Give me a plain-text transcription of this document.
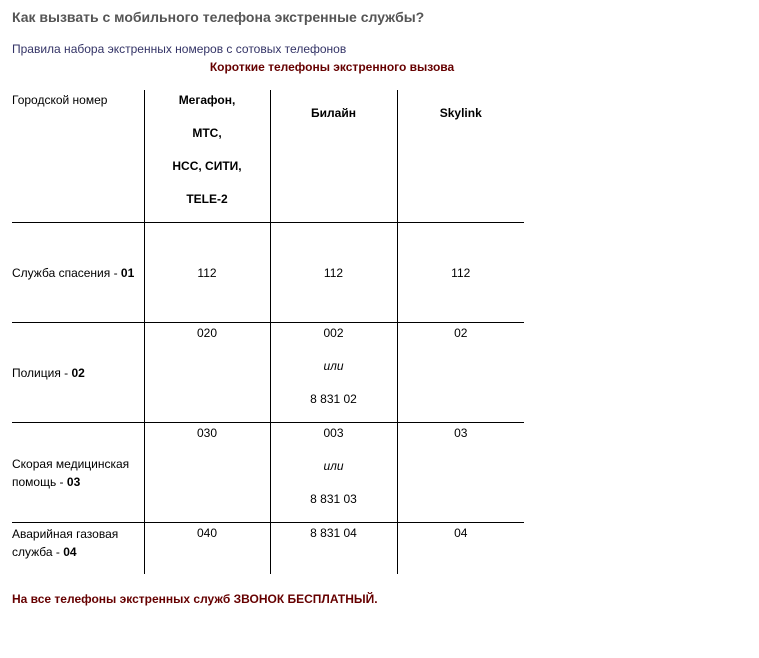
Как вызвать с мобильного телефона экстренные службы?
Правила набора экстренных номеров с сотовых телефонов
Короткие телефоны экстренного вызова
Городской номер	Мегафон,
МТС,
НСС, СИТИ,
TELE-2	Билайн	Skylink
Служба спасения - 01	112	112	112
Полиция - 02	020	002
или
8 831 02	02

Скорая медицинская помощь - 03	030	003
или
8 831 03	03

Аварийная газовая служба - 04	040	8 831 04	04
На все телефоны экстренных служб ЗВОНОК БЕСПЛАТНЫЙ.
